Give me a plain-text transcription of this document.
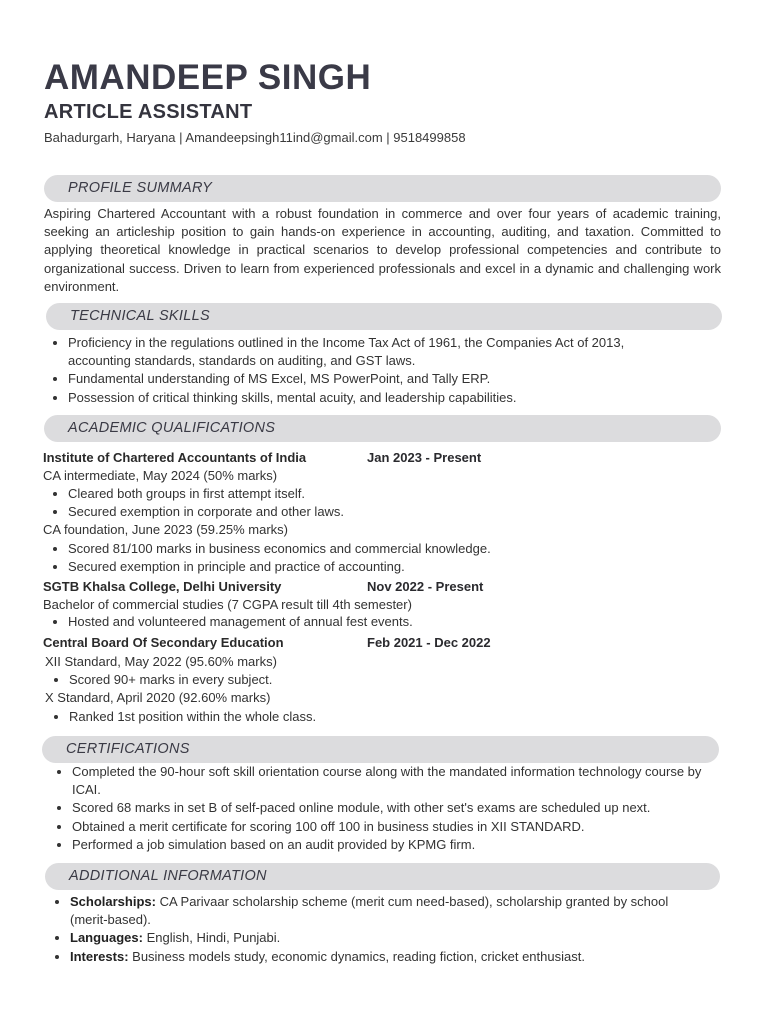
AMANDEEP SINGH
ARTICLE ASSISTANT
Bahadurgarh, Haryana | Amandeepsingh11ind@gmail.com | 9518499858
PROFILE SUMMARY
Aspiring Chartered Accountant with a robust foundation in commerce and over four years of academic training, seeking an articleship position to gain hands-on experience in accounting, auditing, and taxation. Committed to applying theoretical knowledge in practical scenarios to develop professional competencies and contribute to organizational success. Driven to learn from experienced professionals and excel in a dynamic and challenging work environment.
TECHNICAL SKILLS
Proficiency in the regulations outlined in the Income Tax Act of 1961, the Companies Act of 2013, accounting standards, standards on auditing, and GST laws.
Fundamental understanding of MS Excel, MS PowerPoint, and Tally ERP.
Possession of critical thinking skills, mental acuity, and leadership capabilities.
ACADEMIC QUALIFICATIONS
Institute of Chartered Accountants of India	Jan 2023 - Present
CA intermediate, May 2024 (50% marks)
Cleared both groups in first attempt itself.
Secured exemption in corporate and other laws.
CA foundation, June 2023 (59.25% marks)
Scored 81/100 marks in business economics and commercial knowledge.
Secured exemption in principle and practice of accounting.
SGTB Khalsa College, Delhi University	Nov 2022 - Present
Bachelor of commercial studies (7 CGPA result till 4th semester)
Hosted and volunteered management of annual fest events.
Central Board Of Secondary Education	Feb 2021 - Dec 2022
XII Standard, May 2022 (95.60% marks)
Scored 90+ marks in every subject.
X Standard, April 2020 (92.60% marks)
Ranked 1st position within the whole class.
CERTIFICATIONS
Completed the 90-hour soft skill orientation course along with the mandated information technology course by ICAI.
Scored 68 marks in set B of self-paced online module, with other set's exams are scheduled up next.
Obtained a merit certificate for scoring 100 off 100 in business studies in XII STANDARD.
Performed a job simulation based on an audit provided by KPMG firm.
ADDITIONAL INFORMATION
Scholarships: CA Parivaar scholarship scheme (merit cum need-based), scholarship granted by school (merit-based).
Languages: English, Hindi, Punjabi.
Interests: Business models study, economic dynamics, reading fiction, cricket enthusiast.
